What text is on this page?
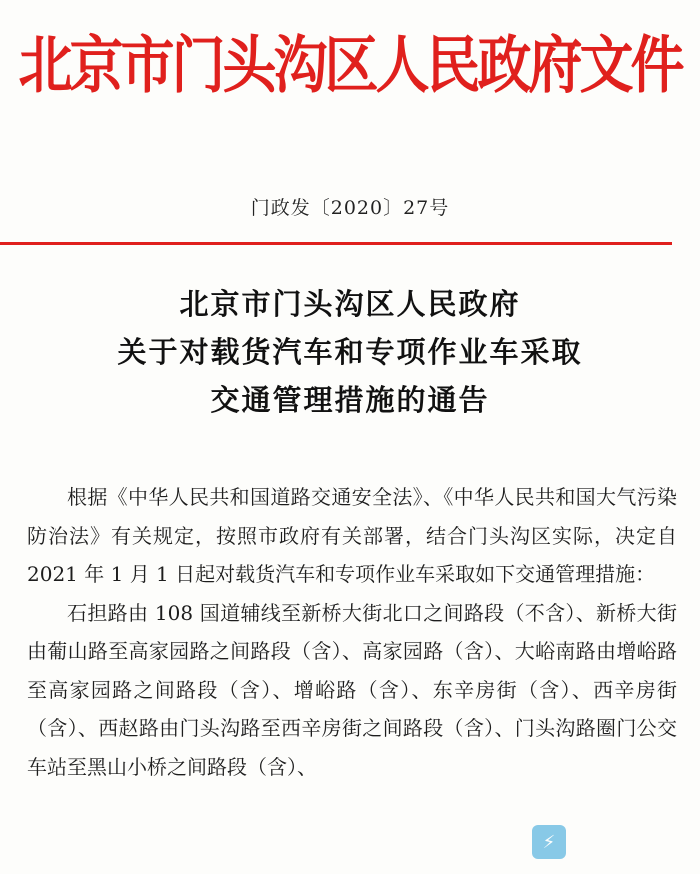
北京市门头沟区人民政府文件
门政发〔2020〕27号
北京市门头沟区人民政府
关于对载货汽车和专项作业车采取
交通管理措施的通告

根据《中华人民共和国道路交通安全法》、《中华人民共和国大气污染防治法》有关规定，按照市政府有关部署，结合门头沟区实际，决定自 2021 年 1 月 1 日起对载货汽车和专项作业车采取如下交通管理措施：

石担路由 108 国道辅线至新桥大街北口之间路段（不含）、新桥大街由葡山路至高家园路之间路段（含）、高家园路（含）、大峪南路由增峪路至高家园路之间路段（含）、增峪路（含）、东辛房街（含）、西辛房街（含）、西赵路由门头沟路至西辛房街之间路段（含）、门头沟路圈门公交车站至黑山小桥之间路段（含）、

⚡
